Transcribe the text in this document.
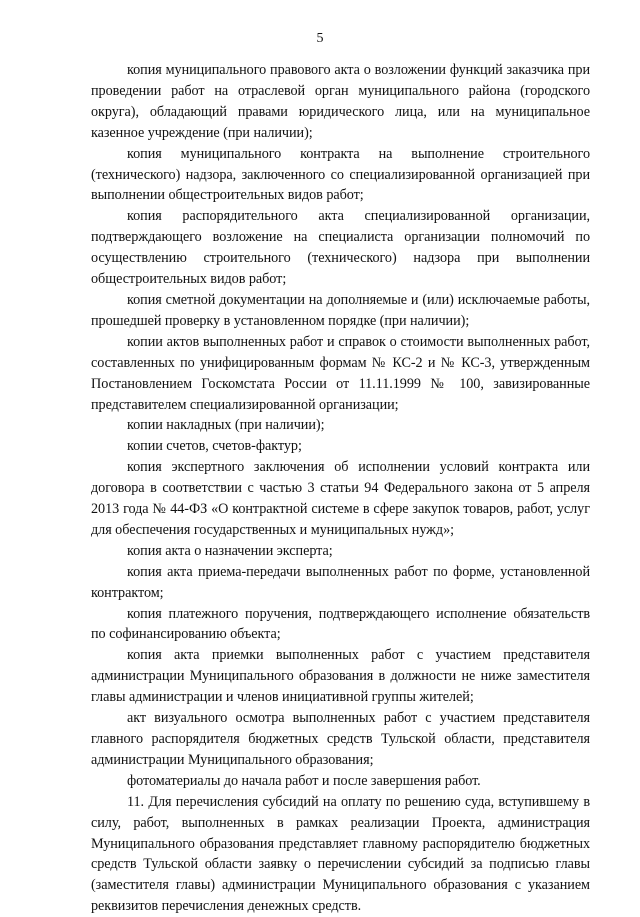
5

копия муниципального правового акта о возложении функций заказчика при проведении работ на отраслевой орган муниципального района (городского округа), обладающий правами юридического лица, или на муниципальное казенное учреждение (при наличии);

копия муниципального контракта на выполнение строительного (технического) надзора, заключенного со специализированной организацией при выполнении общестроительных видов работ;

копия распорядительного акта специализированной организации, подтверждающего возложение на специалиста организации полномочий по осуществлению строительного (технического) надзора при выполнении общестроительных видов работ;

копия сметной документации на дополняемые и (или) исключаемые работы, прошедшей проверку в установленном порядке (при наличии);

копии актов выполненных работ и справок о стоимости выполненных работ, составленных по унифицированным формам № КС-2 и № КС-3, утвержденным Постановлением Госкомстата России от 11.11.1999 № 100, завизированные представителем специализированной организации;

копии накладных (при наличии);

копии счетов, счетов-фактур;

копия экспертного заключения об исполнении условий контракта или договора в соответствии с частью 3 статьи 94 Федерального закона от 5 апреля 2013 года № 44-ФЗ «О контрактной системе в сфере закупок товаров, работ, услуг для обеспечения государственных и муниципальных нужд»;

копия акта о назначении эксперта;

копия акта приема-передачи выполненных работ по форме, установленной контрактом;

копия платежного поручения, подтверждающего исполнение обязательств по софинансированию объекта;

копия акта приемки выполненных работ с участием представителя администрации Муниципального образования в должности не ниже заместителя главы администрации и членов инициативной группы жителей;

акт визуального осмотра выполненных работ с участием представителя главного распорядителя бюджетных средств Тульской области, представителя администрации Муниципального образования;

фотоматериалы до начала работ и после завершения работ.

11. Для перечисления субсидий на оплату по решению суда, вступившему в силу, работ, выполненных в рамках реализации Проекта, администрация Муниципального образования представляет главному распорядителю бюджетных средств Тульской области заявку о перечислении субсидий за подписью главы (заместителя главы) администрации Муниципального образования с указанием реквизитов перечисления денежных средств.
